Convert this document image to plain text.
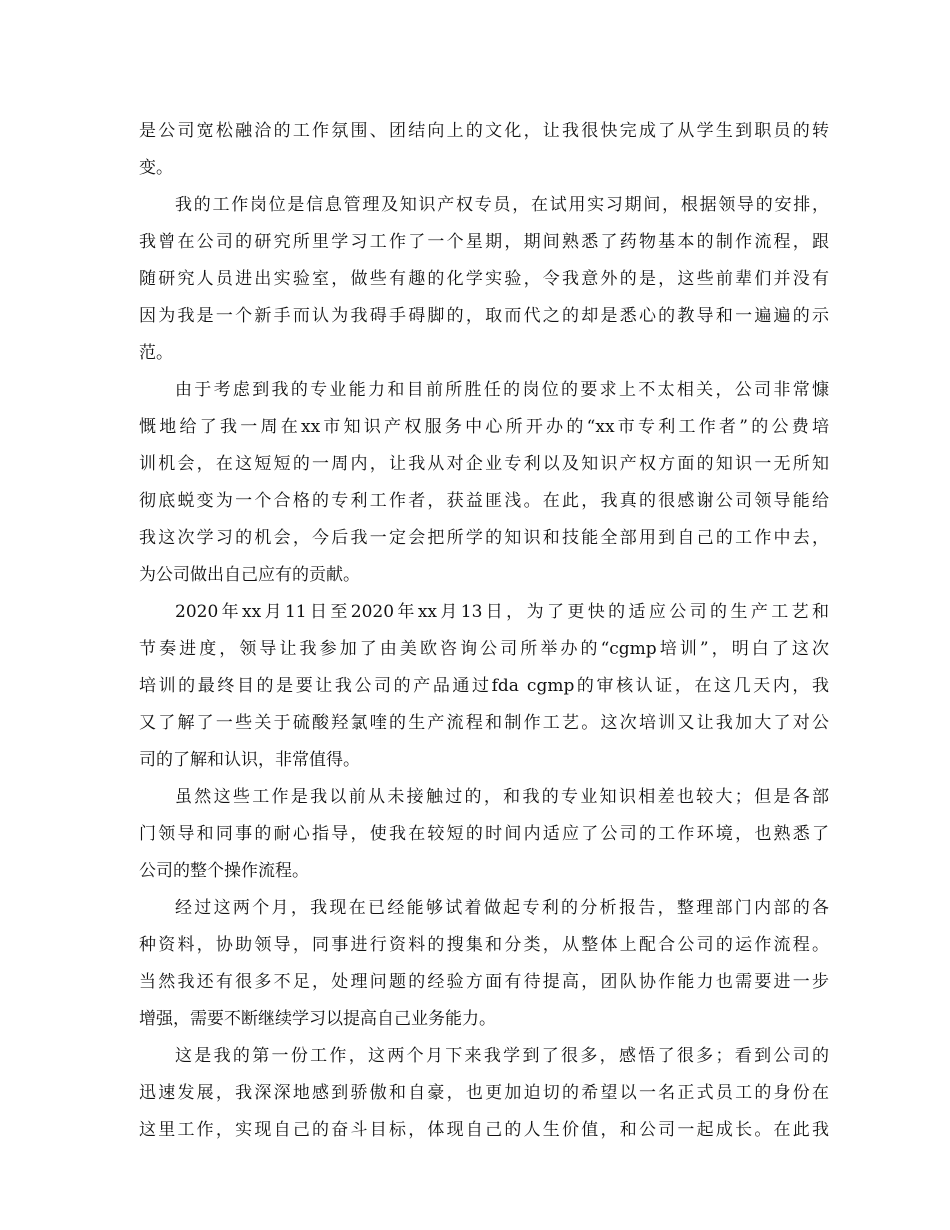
是公司宽松融洽的工作氛围、团结向上的文化，让我很快完成了从学生到职员的转
变。
我的工作岗位是信息管理及知识产权专员，在试用实习期间，根据领导的安排，
我曾在公司的研究所里学习工作了一个星期，期间熟悉了药物基本的制作流程，跟
随研究人员进出实验室，做些有趣的化学实验，令我意外的是，这些前辈们并没有
因为我是一个新手而认为我碍手碍脚的，取而代之的却是悉心的教导和一遍遍的示
范。
由于考虑到我的专业能力和目前所胜任的岗位的要求上不太相关，公司非常慷
慨地给了我一周在xx市知识产权服务中心所开办的“xx市专利工作者”的公费培
训机会，在这短短的一周内，让我从对企业专利以及知识产权方面的知识一无所知
彻底蜕变为一个合格的专利工作者，获益匪浅。在此，我真的很感谢公司领导能给
我这次学习的机会，今后我一定会把所学的知识和技能全部用到自己的工作中去，
为公司做出自己应有的贡献。
2020年xx月11日至2020年xx月13日，为了更快的适应公司的生产工艺和
节奏进度，领导让我参加了由美欧咨询公司所举办的“cgmp培训”，明白了这次
培训的最终目的是要让我公司的产品通过fda cgmp的审核认证，在这几天内，我
又了解了一些关于硫酸羟氯喹的生产流程和制作工艺。这次培训又让我加大了对公
司的了解和认识，非常值得。
虽然这些工作是我以前从未接触过的，和我的专业知识相差也较大；但是各部
门领导和同事的耐心指导，使我在较短的时间内适应了公司的工作环境，也熟悉了
公司的整个操作流程。
经过这两个月，我现在已经能够试着做起专利的分析报告，整理部门内部的各
种资料，协助领导，同事进行资料的搜集和分类，从整体上配合公司的运作流程。
当然我还有很多不足，处理问题的经验方面有待提高，团队协作能力也需要进一步
增强，需要不断继续学习以提高自己业务能力。
这是我的第一份工作，这两个月下来我学到了很多，感悟了很多；看到公司的
迅速发展，我深深地感到骄傲和自豪，也更加迫切的希望以一名正式员工的身份在
这里工作，实现自己的奋斗目标，体现自己的人生价值，和公司一起成长。在此我
